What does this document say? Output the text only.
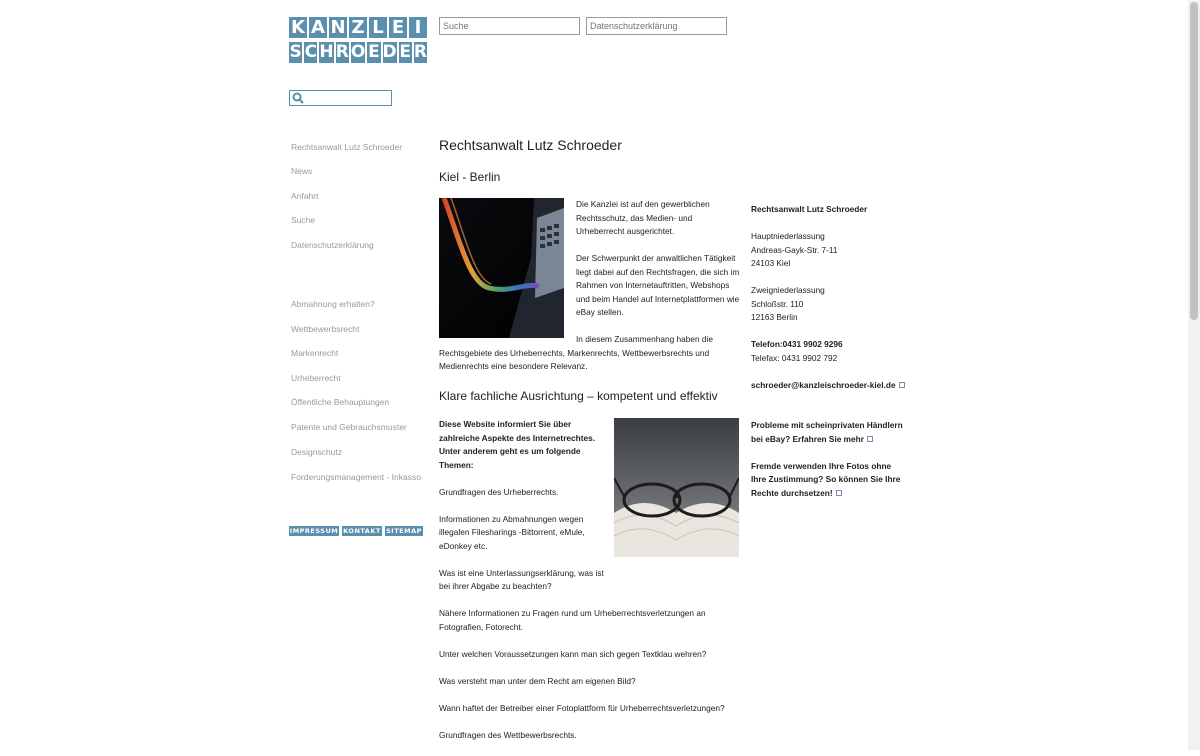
K A N Z L E I
S C H R O E D E R
Suche
Datenschutzerklärung
Rechtsanwalt Lutz Schroeder
News
Anfahrt
Suche
Datenschutzerklärung
Abmahnung erhalten?
Wettbewerbsrecht
Markenrecht
Urheberrecht
Öffentliche Behauptungen
Patente und Gebrauchsmuster
Designschutz
Forderungsmanagement - Inkasso
IMPRESSUM KONTAKT SITEMAP
Rechtsanwalt Lutz Schroeder
Kiel - Berlin

Die Kanzlei ist auf den gewerblichen Rechtsschutz, das Medien- und Urheberrecht ausgerichtet.

Der Schwerpunkt der anwaltlichen Tätigkeit liegt dabei auf den Rechtsfragen, die sich im Rahmen von Internetauftritten, Webshops und beim Handel auf Internetplattformen wie eBay stellen.

In diesem Zusammenhang haben die Rechtsgebiete des Urheberrechts, Markenrechts, Wettbewerbsrechts und Medienrechts eine besondere Relevanz.
Klare fachliche Ausrichtung – kompetent und effektiv

Diese Website informiert Sie über zahlreiche Aspekte des Internetrechtes. Unter anderem geht es um folgende Themen:

Grundfragen des Urheberrechts.

Informationen zu Abmahnungen wegen illegalen Filesharings -Bittorrent, eMule, eDonkey etc.

Was ist eine Unterlassungserklärung, was ist bei ihrer Abgabe zu beachten?

Nähere Informationen zu Fragen rund um Urheberrechtsverletzungen an Fotografien, Fotorecht.

Unter welchen Voraussetzungen kann man sich gegen Textklau wehren?

Was versteht man unter dem Recht am eigenen Bild?

Wann haftet der Betreiber einer Fotoplattform für Urheberrechtsverletzungen?

Grundfragen des Wettbewerbsrechts.

Rechtsanwalt Lutz Schroeder

Hauptniederlassung
Andreas-Gayk-Str. 7-11
24103 Kiel

Zweigniederlassung
Schloßstr. 110
12163 Berlin

Telefon:0431 9902 9296
Telefax: 0431 9902 792

schroeder@kanzleischroeder-kiel.de

Probleme mit scheinprivaten Händlern bei eBay? Erfahren Sie mehr

Fremde verwenden Ihre Fotos ohne Ihre Zustimmung? So können Sie Ihre Rechte durchsetzen!
